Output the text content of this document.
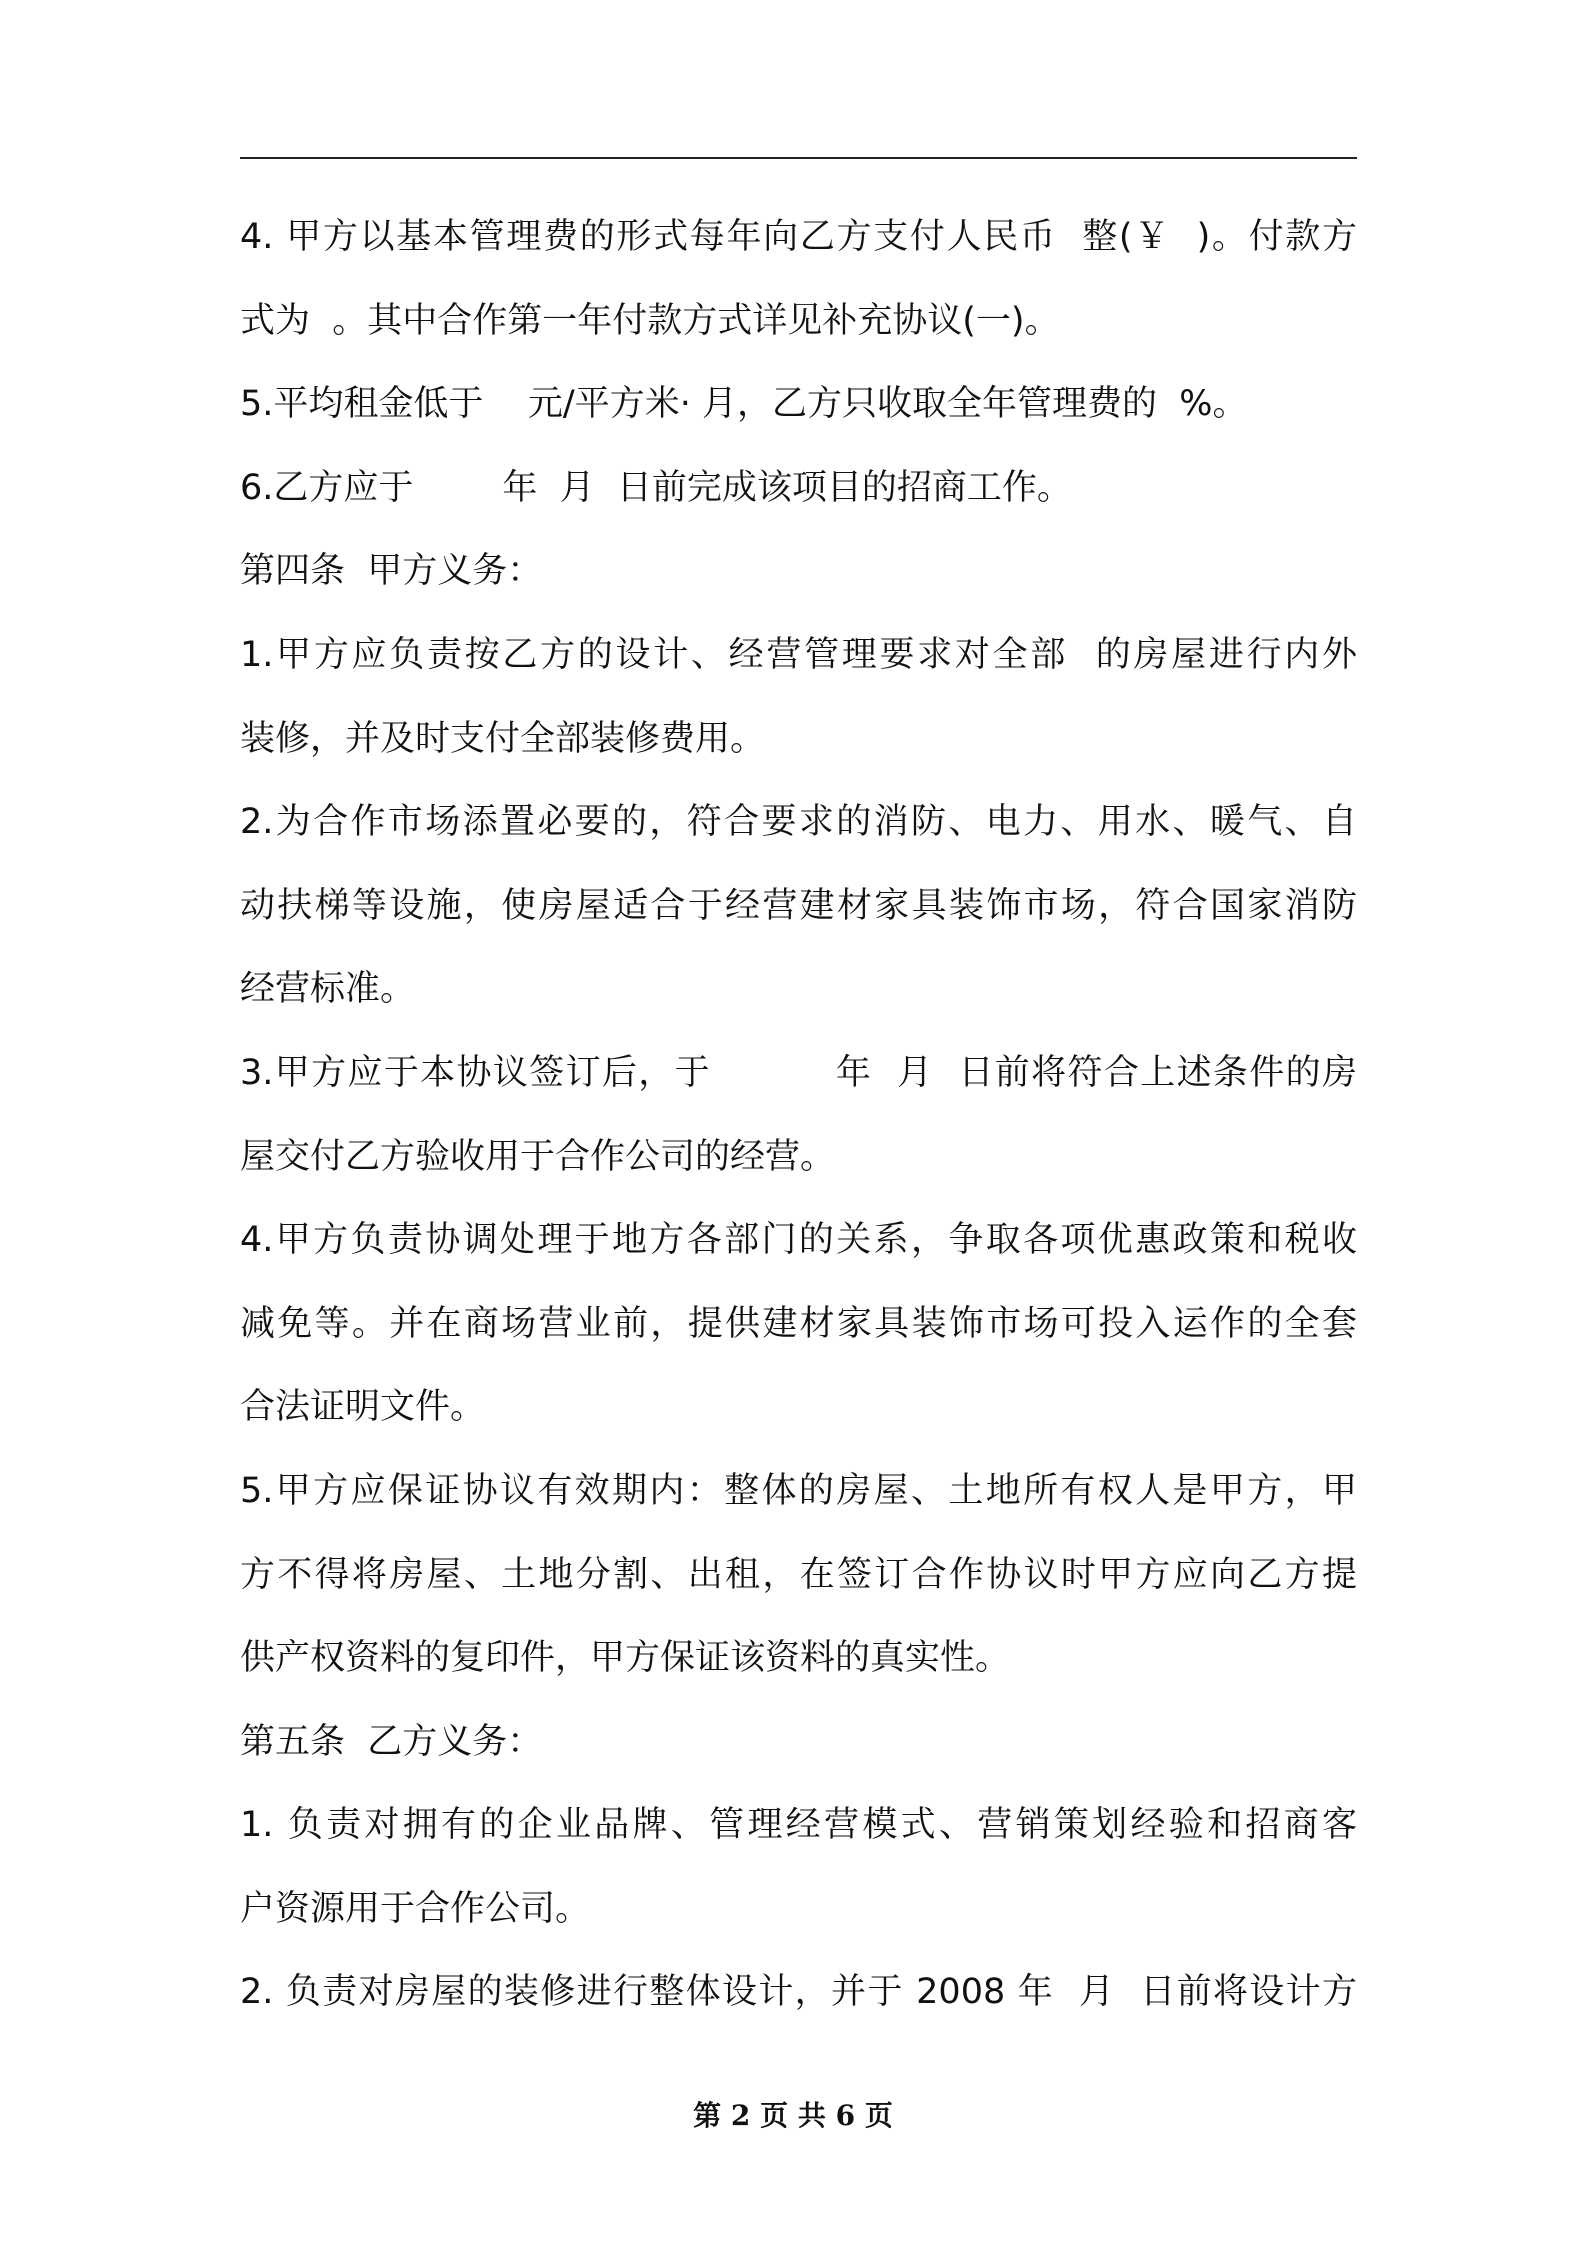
4. 甲方以基本管理费的形式每年向乙方支付人民币  整(￥  )。付款方
式为  。其中合作第一年付款方式详见补充协议(一)。
5.平均租金低于    元/平方米· 月，乙方只收取全年管理费的  %。
6.乙方应于        年  月  日前完成该项目的招商工作。
第四条  甲方义务：
1.甲方应负责按乙方的设计、经营管理要求对全部  的房屋进行内外
装修，并及时支付全部装修费用。
2.为合作市场添置必要的，符合要求的消防、电力、用水、暖气、自
动扶梯等设施，使房屋适合于经营建材家具装饰市场，符合国家消防
经营标准。
3.甲方应于本协议签订后，于          年  月  日前将符合上述条件的房
屋交付乙方验收用于合作公司的经营。
4.甲方负责协调处理于地方各部门的关系，争取各项优惠政策和税收
减免等。并在商场营业前，提供建材家具装饰市场可投入运作的全套
合法证明文件。
5.甲方应保证协议有效期内：整体的房屋、土地所有权人是甲方，甲
方不得将房屋、土地分割、出租，在签订合作协议时甲方应向乙方提
供产权资料的复印件，甲方保证该资料的真实性。
第五条  乙方义务：
1. 负责对拥有的企业品牌、管理经营模式、营销策划经验和招商客
户资源用于合作公司。
2. 负责对房屋的装修进行整体设计，并于 2008 年  月  日前将设计方
第 2 页 共 6 页
